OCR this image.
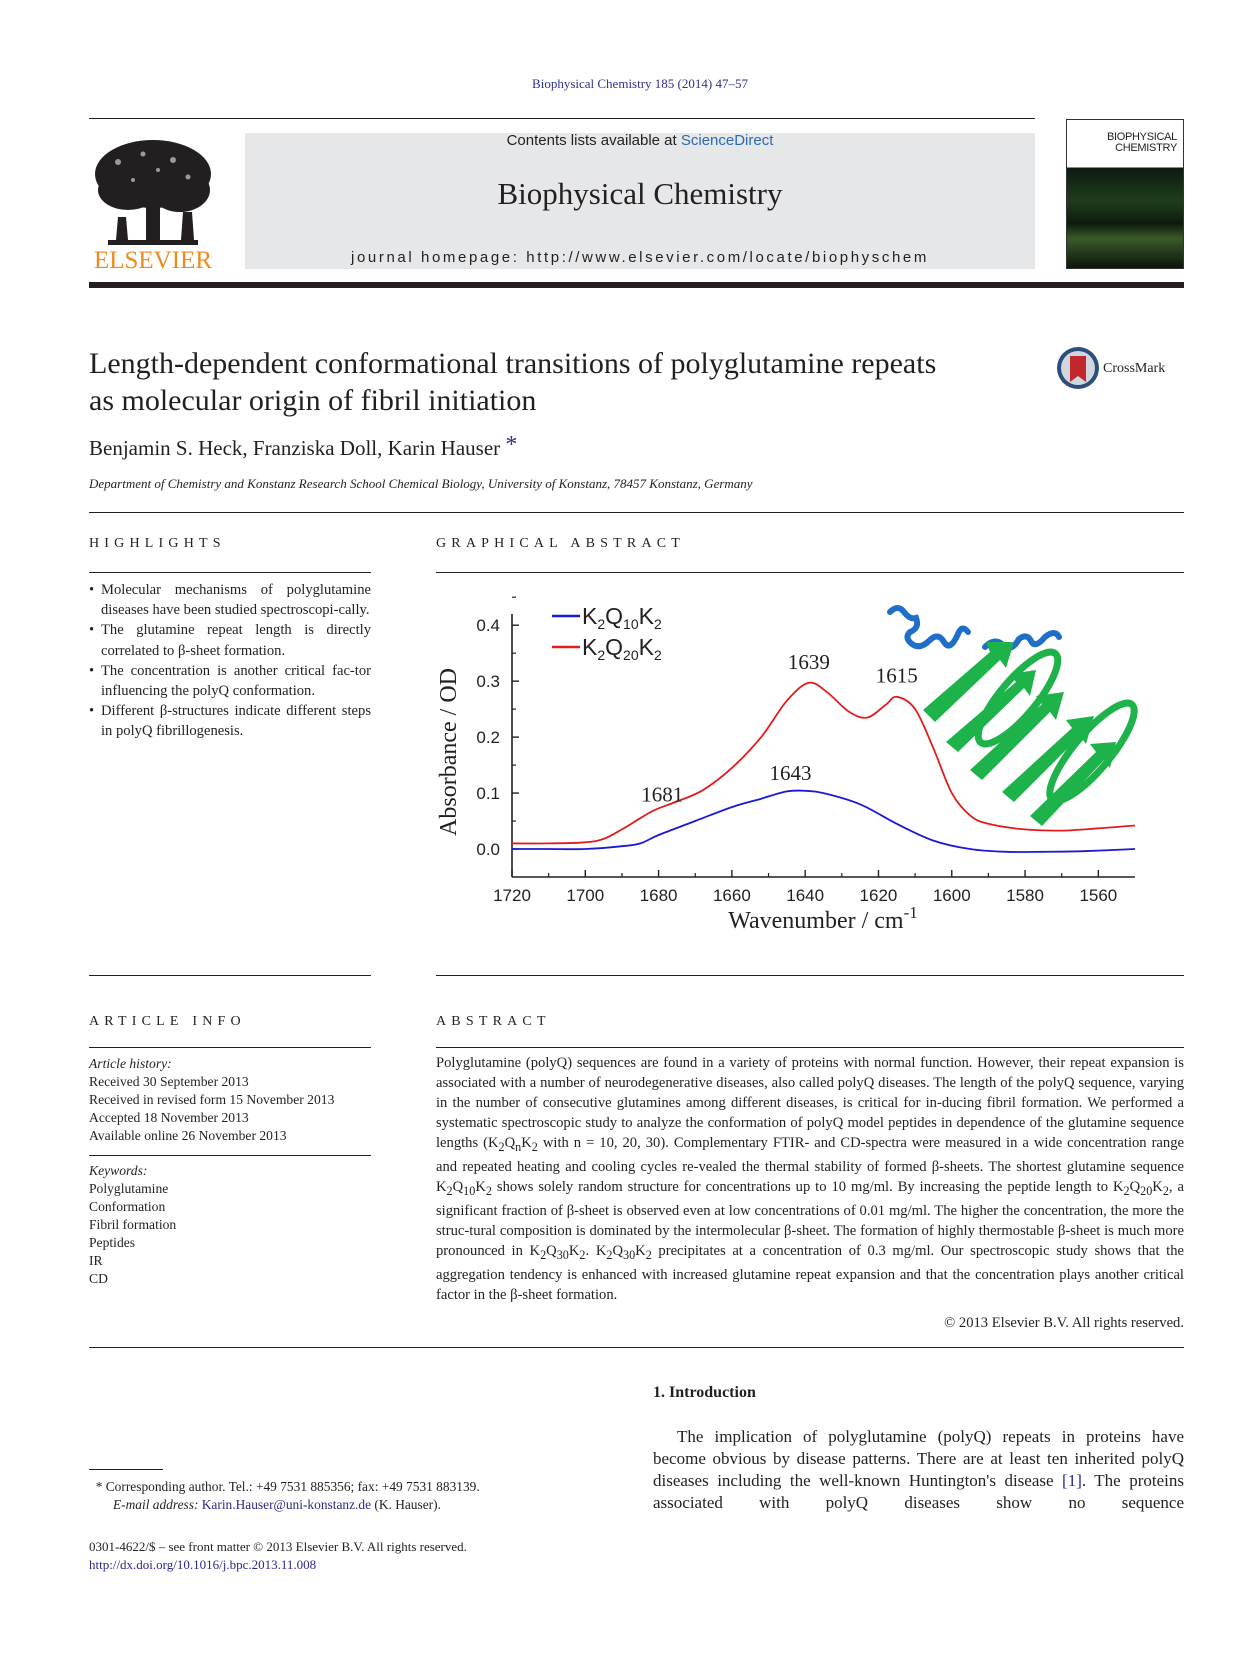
Biophysical Chemistry 185 (2014) 47–57
ELSEVIER
Contents lists available at ScienceDirect
Biophysical Chemistry
journal homepage: http://www.elsevier.com/locate/biophyschem
BIOPHYSICAL
CHEMISTRY
Length-dependent conformational transitions of polyglutamine repeats
as molecular origin of fibril initiation
CrossMark
Benjamin S. Heck, Franziska Doll, Karin Hauser *
Department of Chemistry and Konstanz Research School Chemical Biology, University of Konstanz, 78457 Konstanz, Germany
HIGHLIGHTS	GRAPHICAL ABSTRACT
• Molecular mechanisms of polyglutamine diseases have been studied spectroscopi-cally.
• The glutamine repeat length is directly correlated to β-sheet formation.
• The concentration is another critical fac-tor influencing the polyQ conformation.
• Different β-structures indicate different steps in polyQ fibrillogenesis.
1720 1700 1680 1660 1640 1620 1600 1580 1560
0.0
0.1
0.2
0.3
0.4
1639
1615
1681
1643
Absorbance / OD
Wavenumber / $cm^{-1}$
$K_2Q_{10}K_2$
$K_2Q_{20}K_2$
ARTICLE INFO	ABSTRACT
Article history:
Received 30 September 2013
Received in revised form 15 November 2013
Accepted 18 November 2013
Available online 26 November 2013
Keywords:
Polyglutamine
Conformation
Fibril formation
Peptides
IR
CD

Polyglutamine (polyQ) sequences are found in a variety of proteins with normal function. However, their repeat expansion is associated with a number of neurodegenerative diseases, also called polyQ diseases. The length of the polyQ sequence, varying in the number of consecutive glutamines among different diseases, is critical for in-ducing fibril formation. We performed a systematic spectroscopic study to analyze the conformation of polyQ model peptides in dependence of the glutamine sequence lengths ($K_2Q_nK_2$ with n = 10, 20, 30). Complementary FTIR- and CD-spectra were measured in a wide concentration range and repeated heating and cooling cycles re-vealed the thermal stability of formed β-sheets. The shortest glutamine sequence $K_2Q_{10}K_2$ shows solely random structure for concentrations up to 10 mg/ml. By increasing the peptide length to $K_2Q_{20}K_2$, a significant fraction of β-sheet is observed even at low concentrations of 0.01 mg/ml. The higher the concentration, the more the struc-tural composition is dominated by the intermolecular β-sheet. The formation of highly thermostable β-sheet is much more pronounced in $K_2Q_{30}K_2$. $K_2Q_{30}K_2$ precipitates at a concentration of 0.3 mg/ml. Our spectroscopic study shows that the aggregation tendency is enhanced with increased glutamine repeat expansion and that the concentration plays another critical factor in the β-sheet formation.

© 2013 Elsevier B.V. All rights reserved.
1. Introduction
The implication of polyglutamine (polyQ) repeats in proteins have become obvious by disease patterns. There are at least ten inherited polyQ diseases including the well-known Huntington's disease [1]. The proteins associated with polyQ diseases show no sequence
* Corresponding author. Tel.: +49 7531 885356; fax: +49 7531 883139.
E-mail address: Karin.Hauser@uni-konstanz.de (K. Hauser).
0301-4622/$ – see front matter © 2013 Elsevier B.V. All rights reserved.
http://dx.doi.org/10.1016/j.bpc.2013.11.008
